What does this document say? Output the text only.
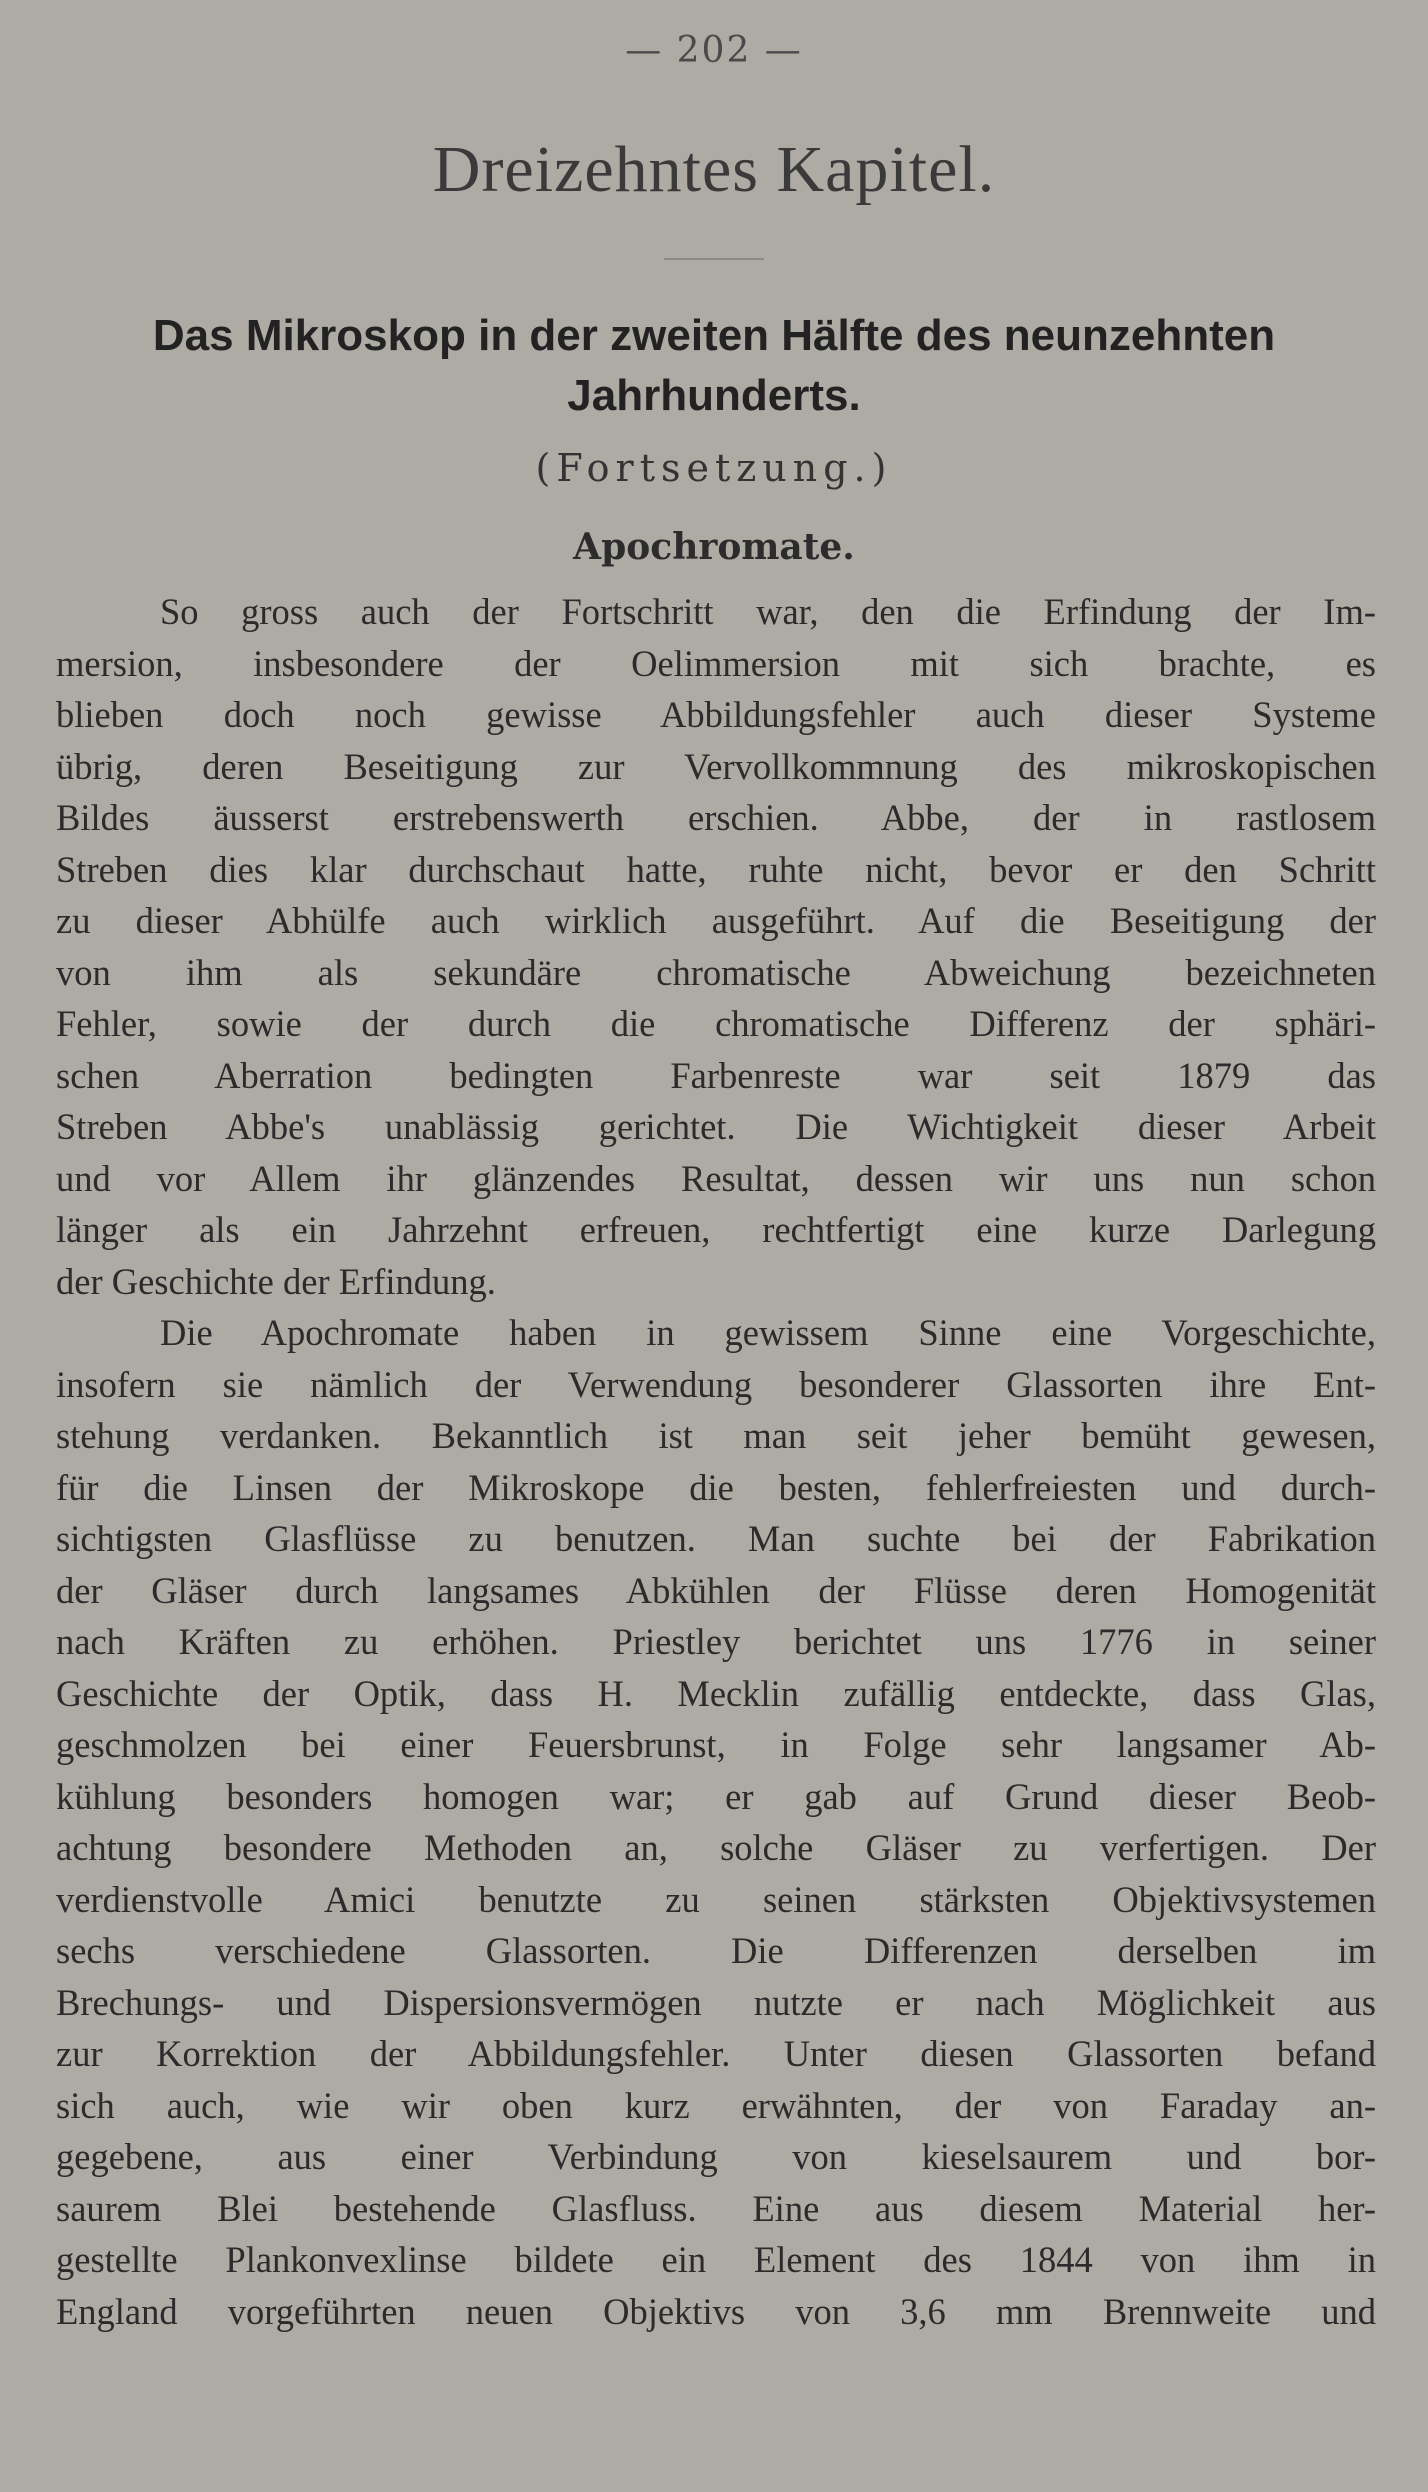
— 202 —
Dreizehntes Kapitel.
Das Mikroskop in der zweiten Hälfte des neunzehnten
Jahrhunderts.
(Fortsetzung.)
Apochromate.
So gross auch der Fortschritt war, den die Erfindung der Im-
mersion, insbesondere der Oelimmersion mit sich brachte, es
blieben doch noch gewisse Abbildungsfehler auch dieser Systeme
übrig, deren Beseitigung zur Vervollkommnung des mikroskopischen
Bildes äusserst erstrebenswerth erschien. Abbe, der in rastlosem
Streben dies klar durchschaut hatte, ruhte nicht, bevor er den Schritt
zu dieser Abhülfe auch wirklich ausgeführt. Auf die Beseitigung der
von ihm als sekundäre chromatische Abweichung bezeichneten
Fehler, sowie der durch die chromatische Differenz der sphäri-
schen Aberration bedingten Farbenreste war seit 1879 das
Streben Abbe's unablässig gerichtet. Die Wichtigkeit dieser Arbeit
und vor Allem ihr glänzendes Resultat, dessen wir uns nun schon
länger als ein Jahrzehnt erfreuen, rechtfertigt eine kurze Darlegung
der Geschichte der Erfindung.
Die Apochromate haben in gewissem Sinne eine Vorgeschichte,
insofern sie nämlich der Verwendung besonderer Glassorten ihre Ent-
stehung verdanken. Bekanntlich ist man seit jeher bemüht gewesen,
für die Linsen der Mikroskope die besten, fehlerfreiesten und durch-
sichtigsten Glasflüsse zu benutzen. Man suchte bei der Fabrikation
der Gläser durch langsames Abkühlen der Flüsse deren Homogenität
nach Kräften zu erhöhen. Priestley berichtet uns 1776 in seiner
Geschichte der Optik, dass H. Mecklin zufällig entdeckte, dass Glas,
geschmolzen bei einer Feuersbrunst, in Folge sehr langsamer Ab-
kühlung besonders homogen war; er gab auf Grund dieser Beob-
achtung besondere Methoden an, solche Gläser zu verfertigen. Der
verdienstvolle Amici benutzte zu seinen stärksten Objektivsystemen
sechs verschiedene Glassorten. Die Differenzen derselben im
Brechungs- und Dispersionsvermögen nutzte er nach Möglichkeit aus
zur Korrektion der Abbildungsfehler. Unter diesen Glassorten befand
sich auch, wie wir oben kurz erwähnten, der von Faraday an-
gegebene, aus einer Verbindung von kieselsaurem und bor-
saurem Blei bestehende Glasfluss. Eine aus diesem Material her-
gestellte Plankonvexlinse bildete ein Element des 1844 von ihm in
England vorgeführten neuen Objektivs von 3,6 mm Brennweite und
